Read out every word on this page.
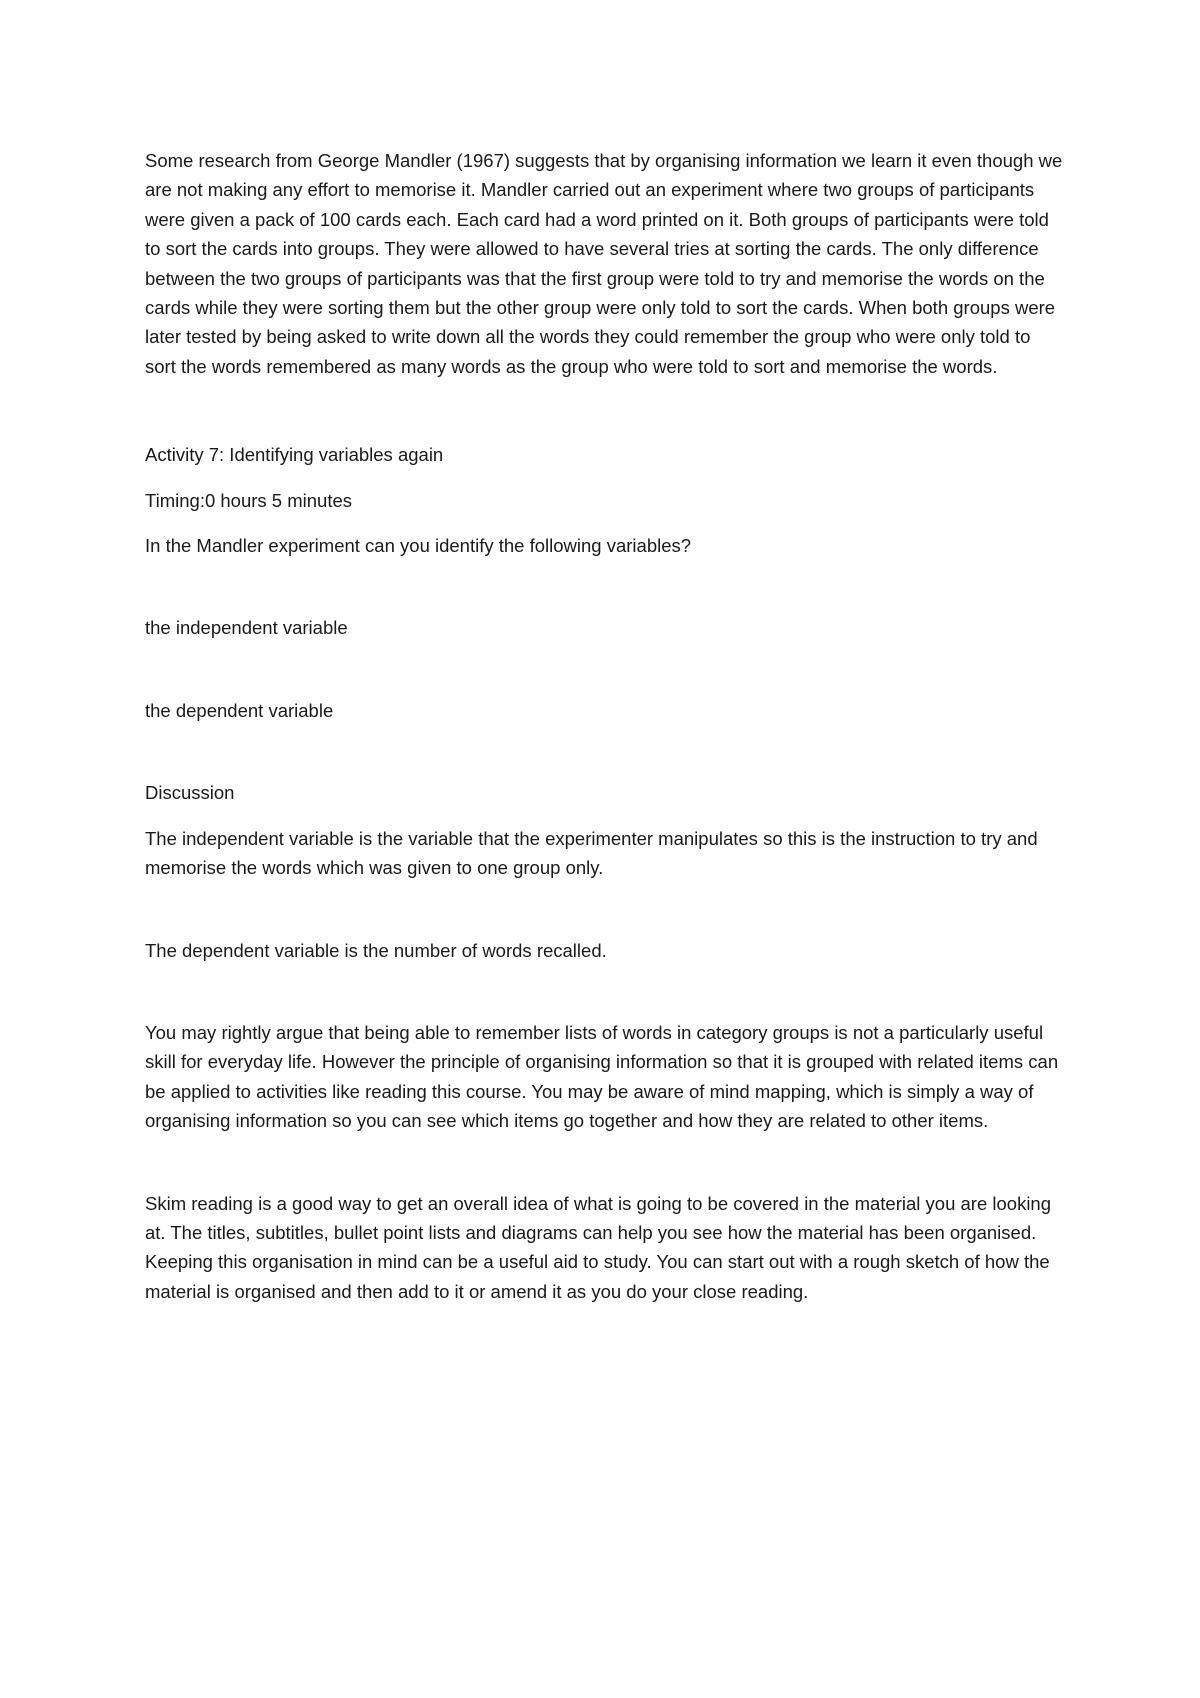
Some research from George Mandler (1967) suggests that by organising information we learn it even though we are not making any effort to memorise it. Mandler carried out an experiment where two groups of participants were given a pack of 100 cards each. Each card had a word printed on it. Both groups of participants were told to sort the cards into groups. They were allowed to have several tries at sorting the cards. The only difference between the two groups of participants was that the first group were told to try and memorise the words on the cards while they were sorting them but the other group were only told to sort the cards. When both groups were later tested by being asked to write down all the words they could remember the group who were only told to sort the words remembered as many words as the group who were told to sort and memorise the words.

Activity 7: Identifying variables again

Timing:0 hours 5 minutes

In the Mandler experiment can you identify the following variables?

the independent variable

the dependent variable

Discussion

The independent variable is the variable that the experimenter manipulates so this is the instruction to try and memorise the words which was given to one group only.

The dependent variable is the number of words recalled.

You may rightly argue that being able to remember lists of words in category groups is not a particularly useful skill for everyday life. However the principle of organising information so that it is grouped with related items can be applied to activities like reading this course. You may be aware of mind mapping, which is simply a way of organising information so you can see which items go together and how they are related to other items.

Skim reading is a good way to get an overall idea of what is going to be covered in the material you are looking at. The titles, subtitles, bullet point lists and diagrams can help you see how the material has been organised. Keeping this organisation in mind can be a useful aid to study. You can start out with a rough sketch of how the material is organised and then add to it or amend it as you do your close reading.
